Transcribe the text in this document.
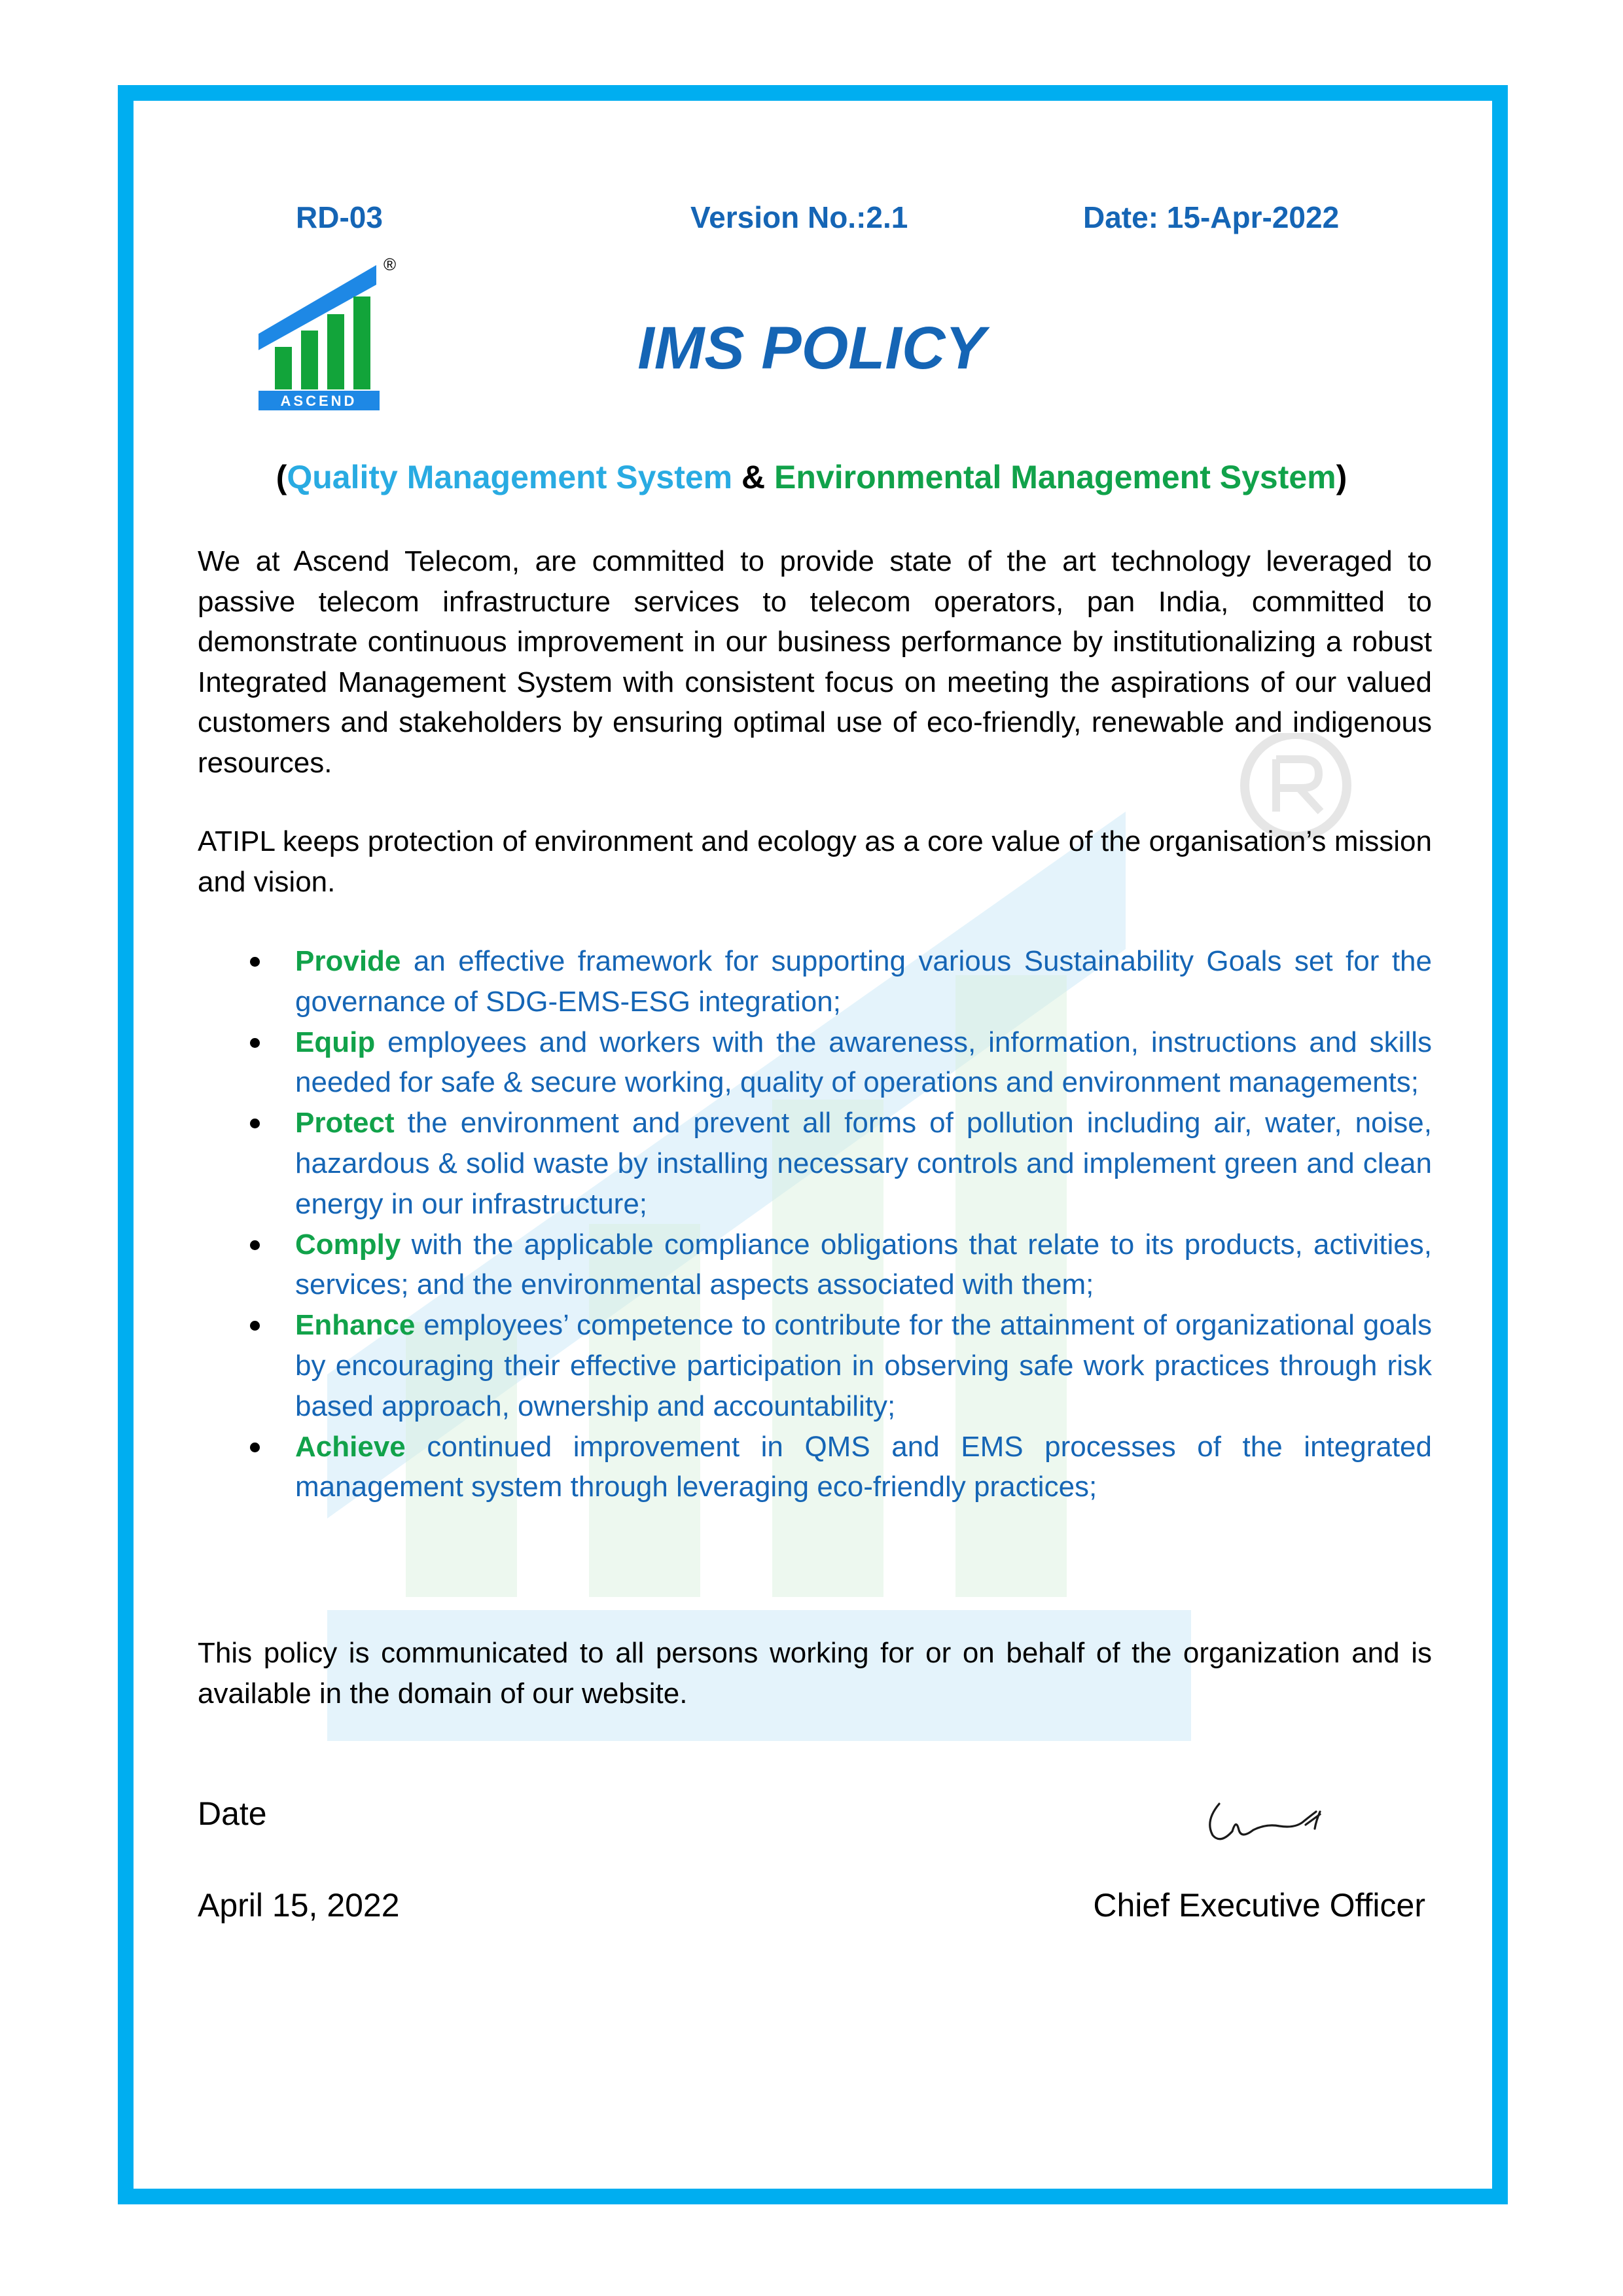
RD-03	Version No.:2.1	Date: 15-Apr-2022
ASCEND
®
IMS POLICY
(Quality Management System & Environmental Management System)

We at Ascend Telecom, are committed to provide state of the art technology leveraged to passive telecom infrastructure services to telecom operators, pan India, committed to demonstrate continuous improvement in our business performance by institutionalizing a robust Integrated Management System with consistent focus on meeting the aspirations of our valued customers and stakeholders by ensuring optimal use of eco-friendly, renewable and indigenous resources.

ATIPL keeps protection of environment and ecology as a core value of the organisation’s mission and vision.

Provide an effective framework for supporting various Sustainability Goals set for the governance of SDG-EMS-ESG integration;
Equip employees and workers with the awareness, information, instructions and skills needed for safe & secure working, quality of operations and environment managements;
Protect the environment and prevent all forms of pollution including air, water, noise, hazardous & solid waste by installing necessary controls and implement green and clean energy in our infrastructure;
Comply with the applicable compliance obligations that relate to its products, activities, services; and the environmental aspects associated with them;
Enhance employees’ competence to contribute for the attainment of organizational goals by encouraging their effective participation in observing safe work practices through risk based approach, ownership and accountability;
Achieve continued improvement in QMS and EMS processes of the integrated management system through leveraging eco-friendly practices;

This policy is communicated to all persons working for or on behalf of the organization and is available in the domain of our website.

Date
April 15, 2022	Chief Executive Officer
